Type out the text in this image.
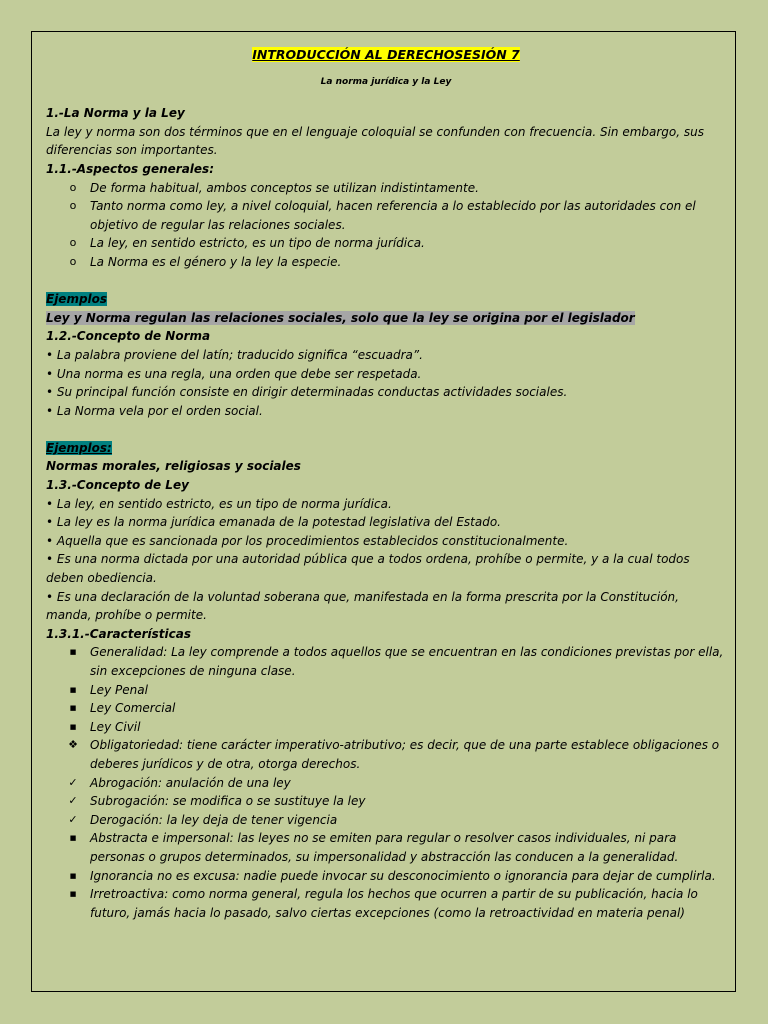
INTRODUCCIÓN AL DERECHOSESIÓN 7
La norma jurídica y la Ley
1.-La Norma y la Ley
La ley y norma son dos términos que en el lenguaje coloquial se confunden con frecuencia. Sin embargo, sus diferencias son importantes.
1.1.-Aspectos generales:
o	De forma habitual, ambos conceptos se utilizan indistintamente.
o	Tanto norma como ley, a nivel coloquial, hacen referencia a lo establecido por las autoridades con el objetivo de regular las relaciones sociales.
o	La ley, en sentido estricto, es un tipo de norma jurídica.
o	La Norma es el género y la ley la especie.
Ejemplos
Ley y Norma regulan las relaciones sociales, solo que la ley se origina por el legislador
1.2.-Concepto de Norma
• La palabra proviene del latín; traducido significa “escuadra”.
• Una norma es una regla, una orden que debe ser respetada.
• Su principal función consiste en dirigir determinadas conductas actividades sociales.
• La Norma vela por el orden social.
Ejemplos:
Normas morales, religiosas y sociales
1.3.-Concepto de Ley
• La ley, en sentido estricto, es un tipo de norma jurídica.
• La ley es la norma jurídica emanada de la potestad legislativa del Estado.
• Aquella que es sancionada por los procedimientos establecidos constitucionalmente.
• Es una norma dictada por una autoridad pública que a todos ordena, prohíbe o permite, y a la cual todos deben obediencia.
• Es una declaración de la voluntad soberana que, manifestada en la forma prescrita por la Constitución, manda, prohíbe o permite.
1.3.1.-Características
■	Generalidad: La ley comprende a todos aquellos que se encuentran en las condiciones previstas por ella, sin excepciones de ninguna clase.
■	Ley Penal
■	Ley Comercial
■	Ley Civil
❖ Obligatoriedad: tiene carácter imperativo-atributivo; es decir, que de una parte establece obligaciones o deberes jurídicos y de otra, otorga derechos.
✓ Abrogación: anulación de una ley
✓ Subrogación: se modifica o se sustituye la ley
✓ Derogación: la ley deja de tener vigencia
■	Abstracta e impersonal: las leyes no se emiten para regular o resolver casos individuales, ni para personas o grupos determinados, su impersonalidad y abstracción las conducen a la generalidad.
■	Ignorancia no es excusa: nadie puede invocar su desconocimiento o ignorancia para dejar de cumplirla.
■	Irretroactiva: como norma general, regula los hechos que ocurren a partir de su publicación, hacia lo futuro, jamás hacia lo pasado, salvo ciertas excepciones (como la retroactividad en materia penal)
